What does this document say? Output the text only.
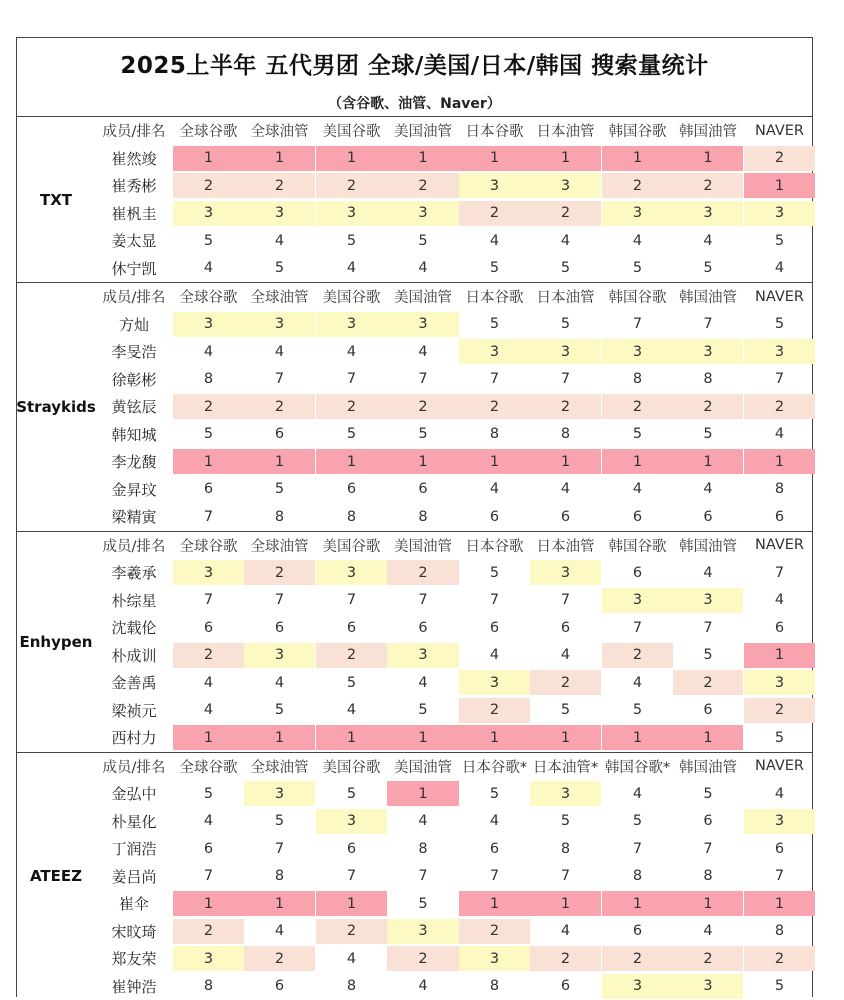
2025上半年 五代男团 全球/美国/日本/韩国 搜索量统计
（含谷歌、油管、Naver）
TXT
成员/排名 全球谷歌 全球油管 美国谷歌 美国油管 日本谷歌 日本油管 韩国谷歌 韩国油管	NAVER
崔然竣	1	1	1	1	1	1	1	1	2
崔秀彬	2	2	2	2	3	3	2	2	1
崔杋圭	3	3	3	3	2	2	3	3	3
姜太显	5	4	5	5	4	4	4	4	5
休宁凯	4	5	4	4	5	5	5	5	4
Straykids
成员/排名 全球谷歌 全球油管 美国谷歌 美国油管 日本谷歌 日本油管 韩国谷歌 韩国油管	NAVER
方灿	3	3	3	3	5	5	7	7	5
李旻浩	4	4	4	4	3	3	3	3	3
徐彰彬	8	7	7	7	7	7	8	8	7
黄铉辰	2	2	2	2	2	2	2	2	2
韩知城	5	6	5	5	8	8	5	5	4
李龙馥	1	1	1	1	1	1	1	1	1
金昇玟	6	5	6	6	4	4	4	4	8
梁精寅	7	8	8	8	6	6	6	6	6
Enhypen
成员/排名 全球谷歌 全球油管 美国谷歌 美国油管 日本谷歌 日本油管 韩国谷歌 韩国油管	NAVER
李羲承	3	2	3	2	5	3	6	4	7
朴综星	7	7	7	7	7	7	3	3	4
沈载伦	6	6	6	6	6	6	7	7	6
朴成训	2	3	2	3	4	4	2	5	1
金善禹	4	4	5	4	3	2	4	2	3
梁祯元	4	5	4	5	2	5	5	6	2
西村力	1	1	1	1	1	1	1	1	5
ATEEZ
成员/排名 全球谷歌 全球油管 美国谷歌 美国油管 日本谷歌* 日本油管* 韩国谷歌* 韩国油管	NAVER
金弘中	5	3	5	1	5	3	4	5	4
朴星化	4	5	3	4	4	5	5	6	3
丁润浩	6	7	6	8	6	8	7	7	6
姜吕尚	7	8	7	7	7	7	8	8	7
崔伞	1	1	1	5	1	1	1	1	1
宋旼琦	2	4	2	3	2	4	6	4	8
郑友荣	3	2	4	2	3	2	2	2	2
崔钟浩	8	6	8	4	8	6	3	3	5
